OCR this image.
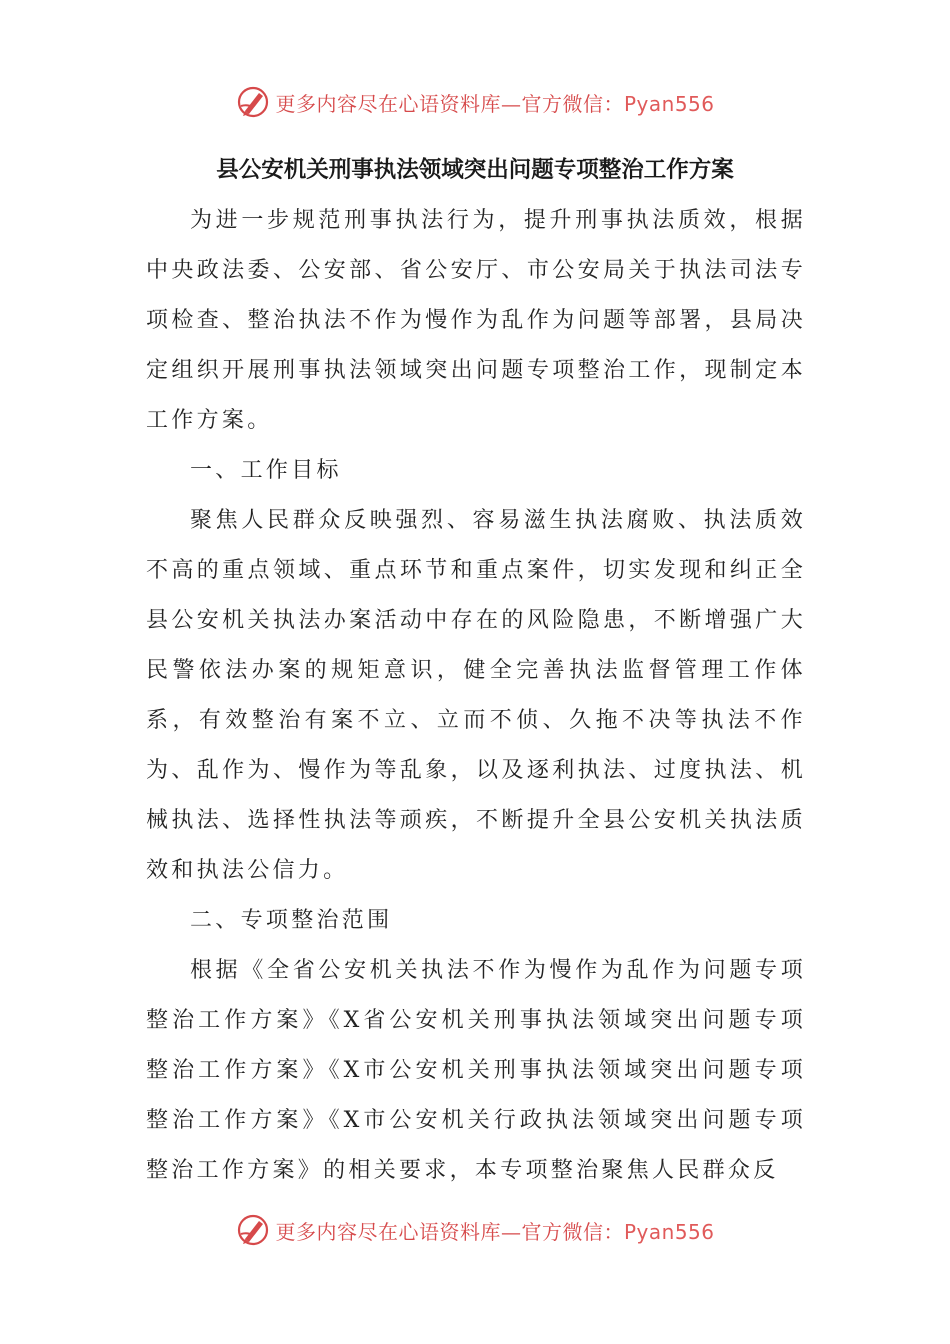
更多内容尽在心语资料库—官方微信：Pyan556
县公安机关刑事执法领域突出问题专项整治工作方案

为进一步规范刑事执法行为，提升刑事执法质效，根据中央政法委、公安部、省公安厅、市公安局关于执法司法专项检查、整治执法不作为慢作为乱作为问题等部署，县局决定组织开展刑事执法领域突出问题专项整治工作，现制定本工作方案。

一、工作目标

聚焦人民群众反映强烈、容易滋生执法腐败、执法质效不高的重点领域、重点环节和重点案件，切实发现和纠正全县公安机关执法办案活动中存在的风险隐患，不断增强广大民警依法办案的规矩意识，健全完善执法监督管理工作体系，有效整治有案不立、立而不侦、久拖不决等执法不作为、乱作为、慢作为等乱象，以及逐利执法、过度执法、机械执法、选择性执法等顽疾，不断提升全县公安机关执法质效和执法公信力。

二、专项整治范围

根据《全省公安机关执法不作为慢作为乱作为问题专项整治工作方案》《X省公安机关刑事执法领域突出问题专项整治工作方案》《X市公安机关刑事执法领域突出问题专项整治工作方案》《X市公安机关行政执法领域突出问题专项整治工作方案》的相关要求，本专项整治聚焦人民群众反

更多内容尽在心语资料库—官方微信：Pyan556
